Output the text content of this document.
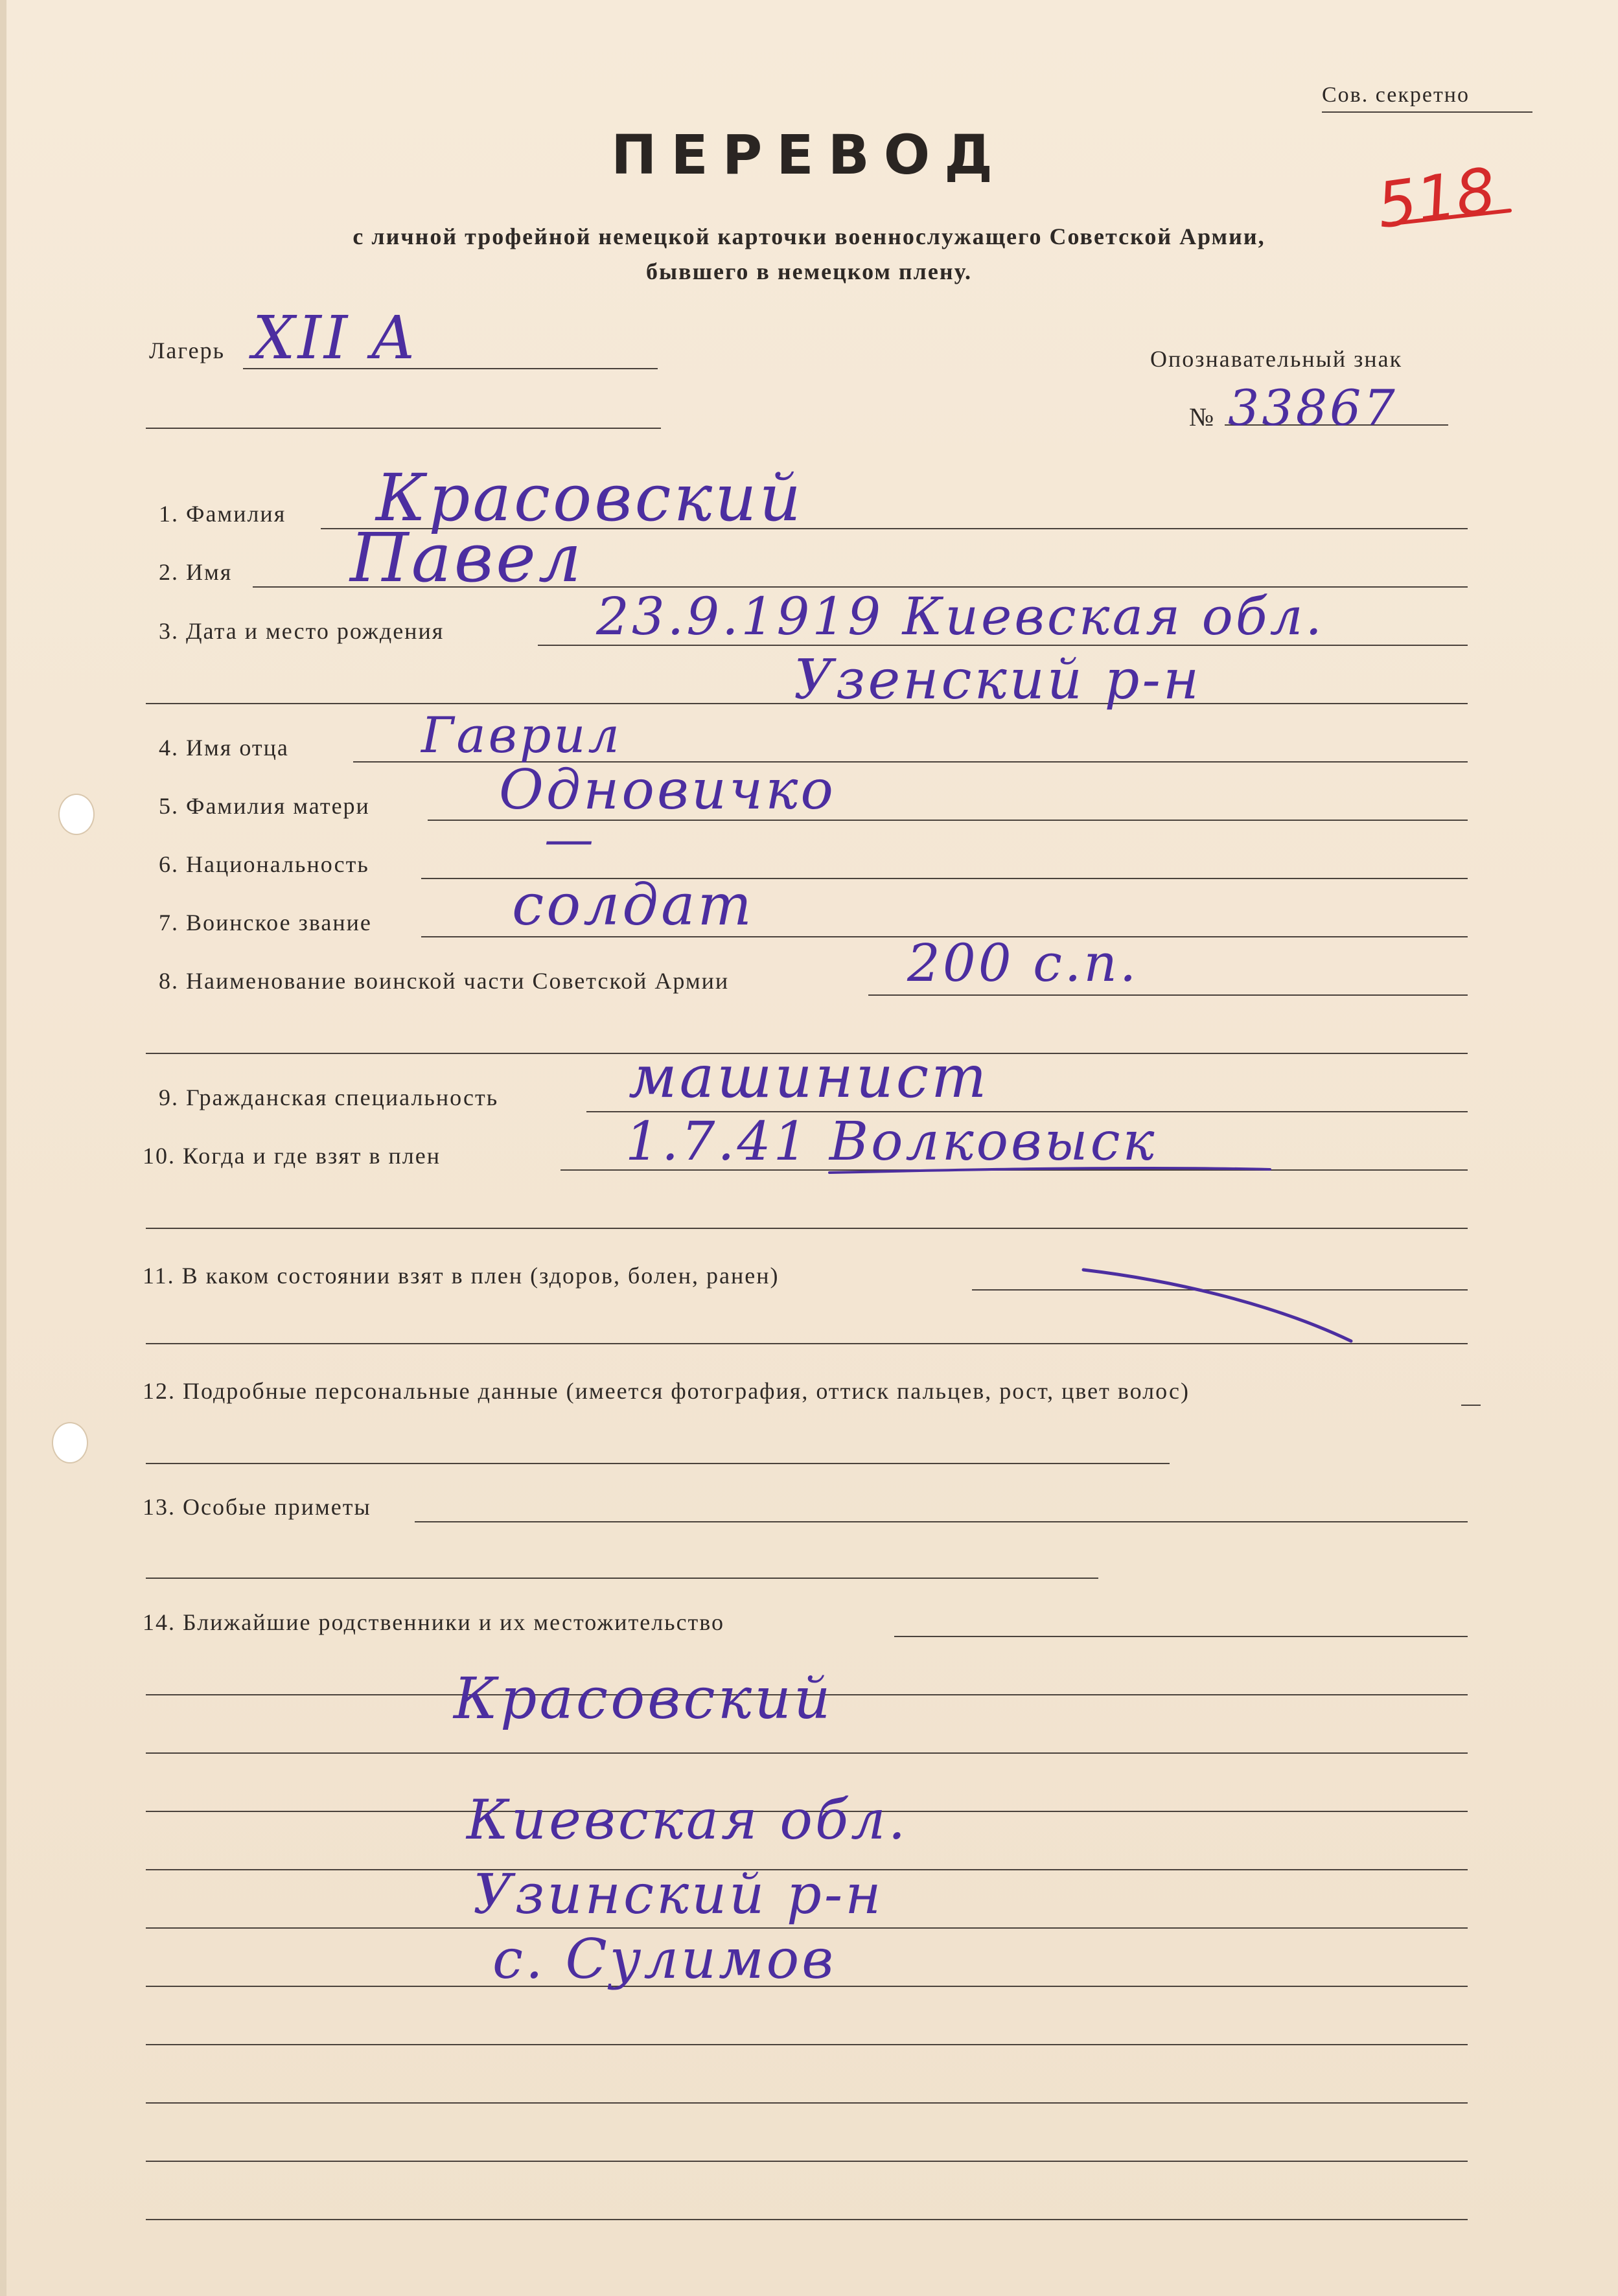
Сов. секретно
ПЕРЕВОД	518
с личной трофейной немецкой карточки военнослужащего Советской Армии,
бывшего в немецком плену.
Лагерь XII A	Опознавательный знак
№ 33867
1. Фамилия Красовский
2. Имя Павел
3. Дата и место рождения	23.9.1919 Киевская обл.
Узенский р-н
4. Имя отца	Гаврил
5. Фамилия матери Одновичко
6. Национальность	—
7. Воинское звание солдат
8. Наименование воинской части Советской Армии	200 с.п.
9. Гражданская специальность машинист
10. Когда и где взят в плен	1.7.41 Волковыск
11. В каком состоянии взят в плен (здоров, болен, ранен)
12. Подробные персональные данные (имеется фотография, оттиск пальцев, рост, цвет волос)
13. Особые приметы
14. Ближайшие родственники и их местожительство
Красовский
Киевская обл.
Узинский р-н
с. Сулимов
